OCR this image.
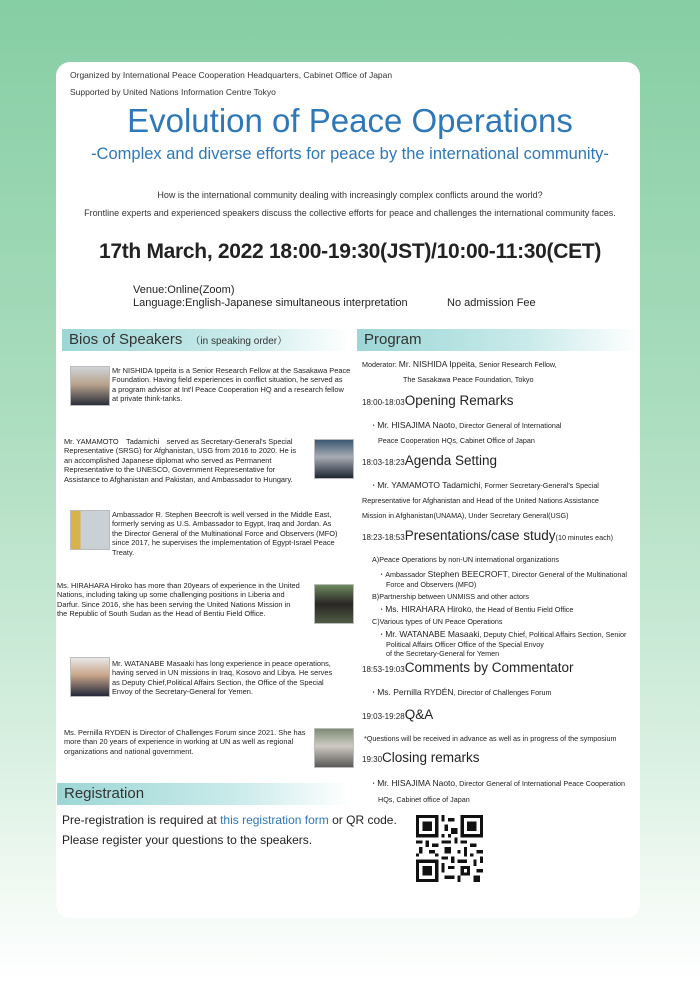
Organized by International Peace Cooperation Headquarters, Cabinet Office of Japan
Supported by United Nations Information Centre Tokyo
Evolution of Peace Operations
-Complex and diverse efforts for peace by the international community-
How is the international community dealing with increasingly complex conflicts around the world?
Frontline experts and experienced speakers discuss the collective efforts for peace and challenges the international community faces.
17th March, 2022 18:00-19:30(JST)/10:00-11:30(CET)
Venue:Online(Zoom)
Language:English-Japanese simultaneous interpretation	No admission Fee
Bios of Speakers （in speaking order）
Mr NISHIDA Ippeita is a Senior Research Fellow at the Sasakawa Peace
Foundation. Having field experiences in conflict situation, he served as
a program advisor at Int'l Peace Cooperation HQ and a research fellow
at private think-tanks.
Mr. YAMAMOTO　Tadamichi　served as Secretary-General's Special
Representative (SRSG) for Afghanistan, USG from 2016 to 2020. He is
an accomplished Japanese diplomat who served as Permanent
Representative to the UNESCO, Government Representative for
Assistance to Afghanistan and Pakistan, and Ambassador to Hungary.
Ambassador R. Stephen Beecroft is well versed in the Middle East,
formerly serving as U.S. Ambassador to Egypt, Iraq and Jordan. As
the Director General of the Multinational Force and Observers (MFO)
since 2017, he supervises the implementation of Egypt-Israel Peace
Treaty.
Ms. HIRAHARA Hiroko has more than 20years of experience in the United
Nations, including taking up some challenging positions in Liberia and
Darfur. Since 2016, she has been serving the United Nations Mission in
the Republic of South Sudan as the Head of Bentiu Field Office.
Mr. WATANABE Masaaki has long experience in peace operations,
having served in UN missions in Iraq, Kosovo and Libya. He serves
as Deputy Chief,Political Affairs Section, the Office of the Special
Envoy of the Secretary-General for Yemen.
Ms. Pernilla RYDEN is Director of Challenges Forum since 2021. She has
more than 20 years of experience in working at UN as well as regional
organizations and national government.
Program
Moderator: Mr. NISHIDA Ippeita, Senior Research Fellow,
The Sasakawa Peace Foundation, Tokyo
18:00-18:03Opening Remarks
・Mr. HISAJIMA Naoto, Director General of International
Peace Cooperation HQs, Cabinet Office of Japan
18:03-18:23Agenda Setting
・Mr. YAMAMOTO Tadamichi, Former Secretary-General's Special
Representative for Afghanistan and Head of the United Nations Assistance
Mission in Afghanistan(UNAMA), Under Secretary General(USG)
18:23-18:53Presentations/case study(10 minutes each)
A)Peace Operations by non-UN international organizations
・Ambassador Stephen BEECROFT, Director General of the Multinational
Force and Observers (MFO)
B)Partnership between UNMISS and other actors
・Ms. HIRAHARA Hiroko, the Head of Bentiu Field Office
C)Various types of UN Peace Operations
・Mr. WATANABE Masaaki, Deputy Chief, Political Affairs Section, Senior
Political Affairs Officer Office of the Special Envoy
of the Secretary-General for Yemen
18:53-19:03Comments by Commentator
・Ms. Pernilla RYDÉN, Director of Challenges Forum
19:03-19:28Q&A
*Questions will be received in advance as well as in progress of the symposium
19:30Closing remarks
・Mr. HISAJIMA Naoto, Director General of International Peace Cooperation
HQs, Cabinet office of Japan
Registration
Pre-registration is required at this registration form or QR code.
Please register your questions to the speakers.
